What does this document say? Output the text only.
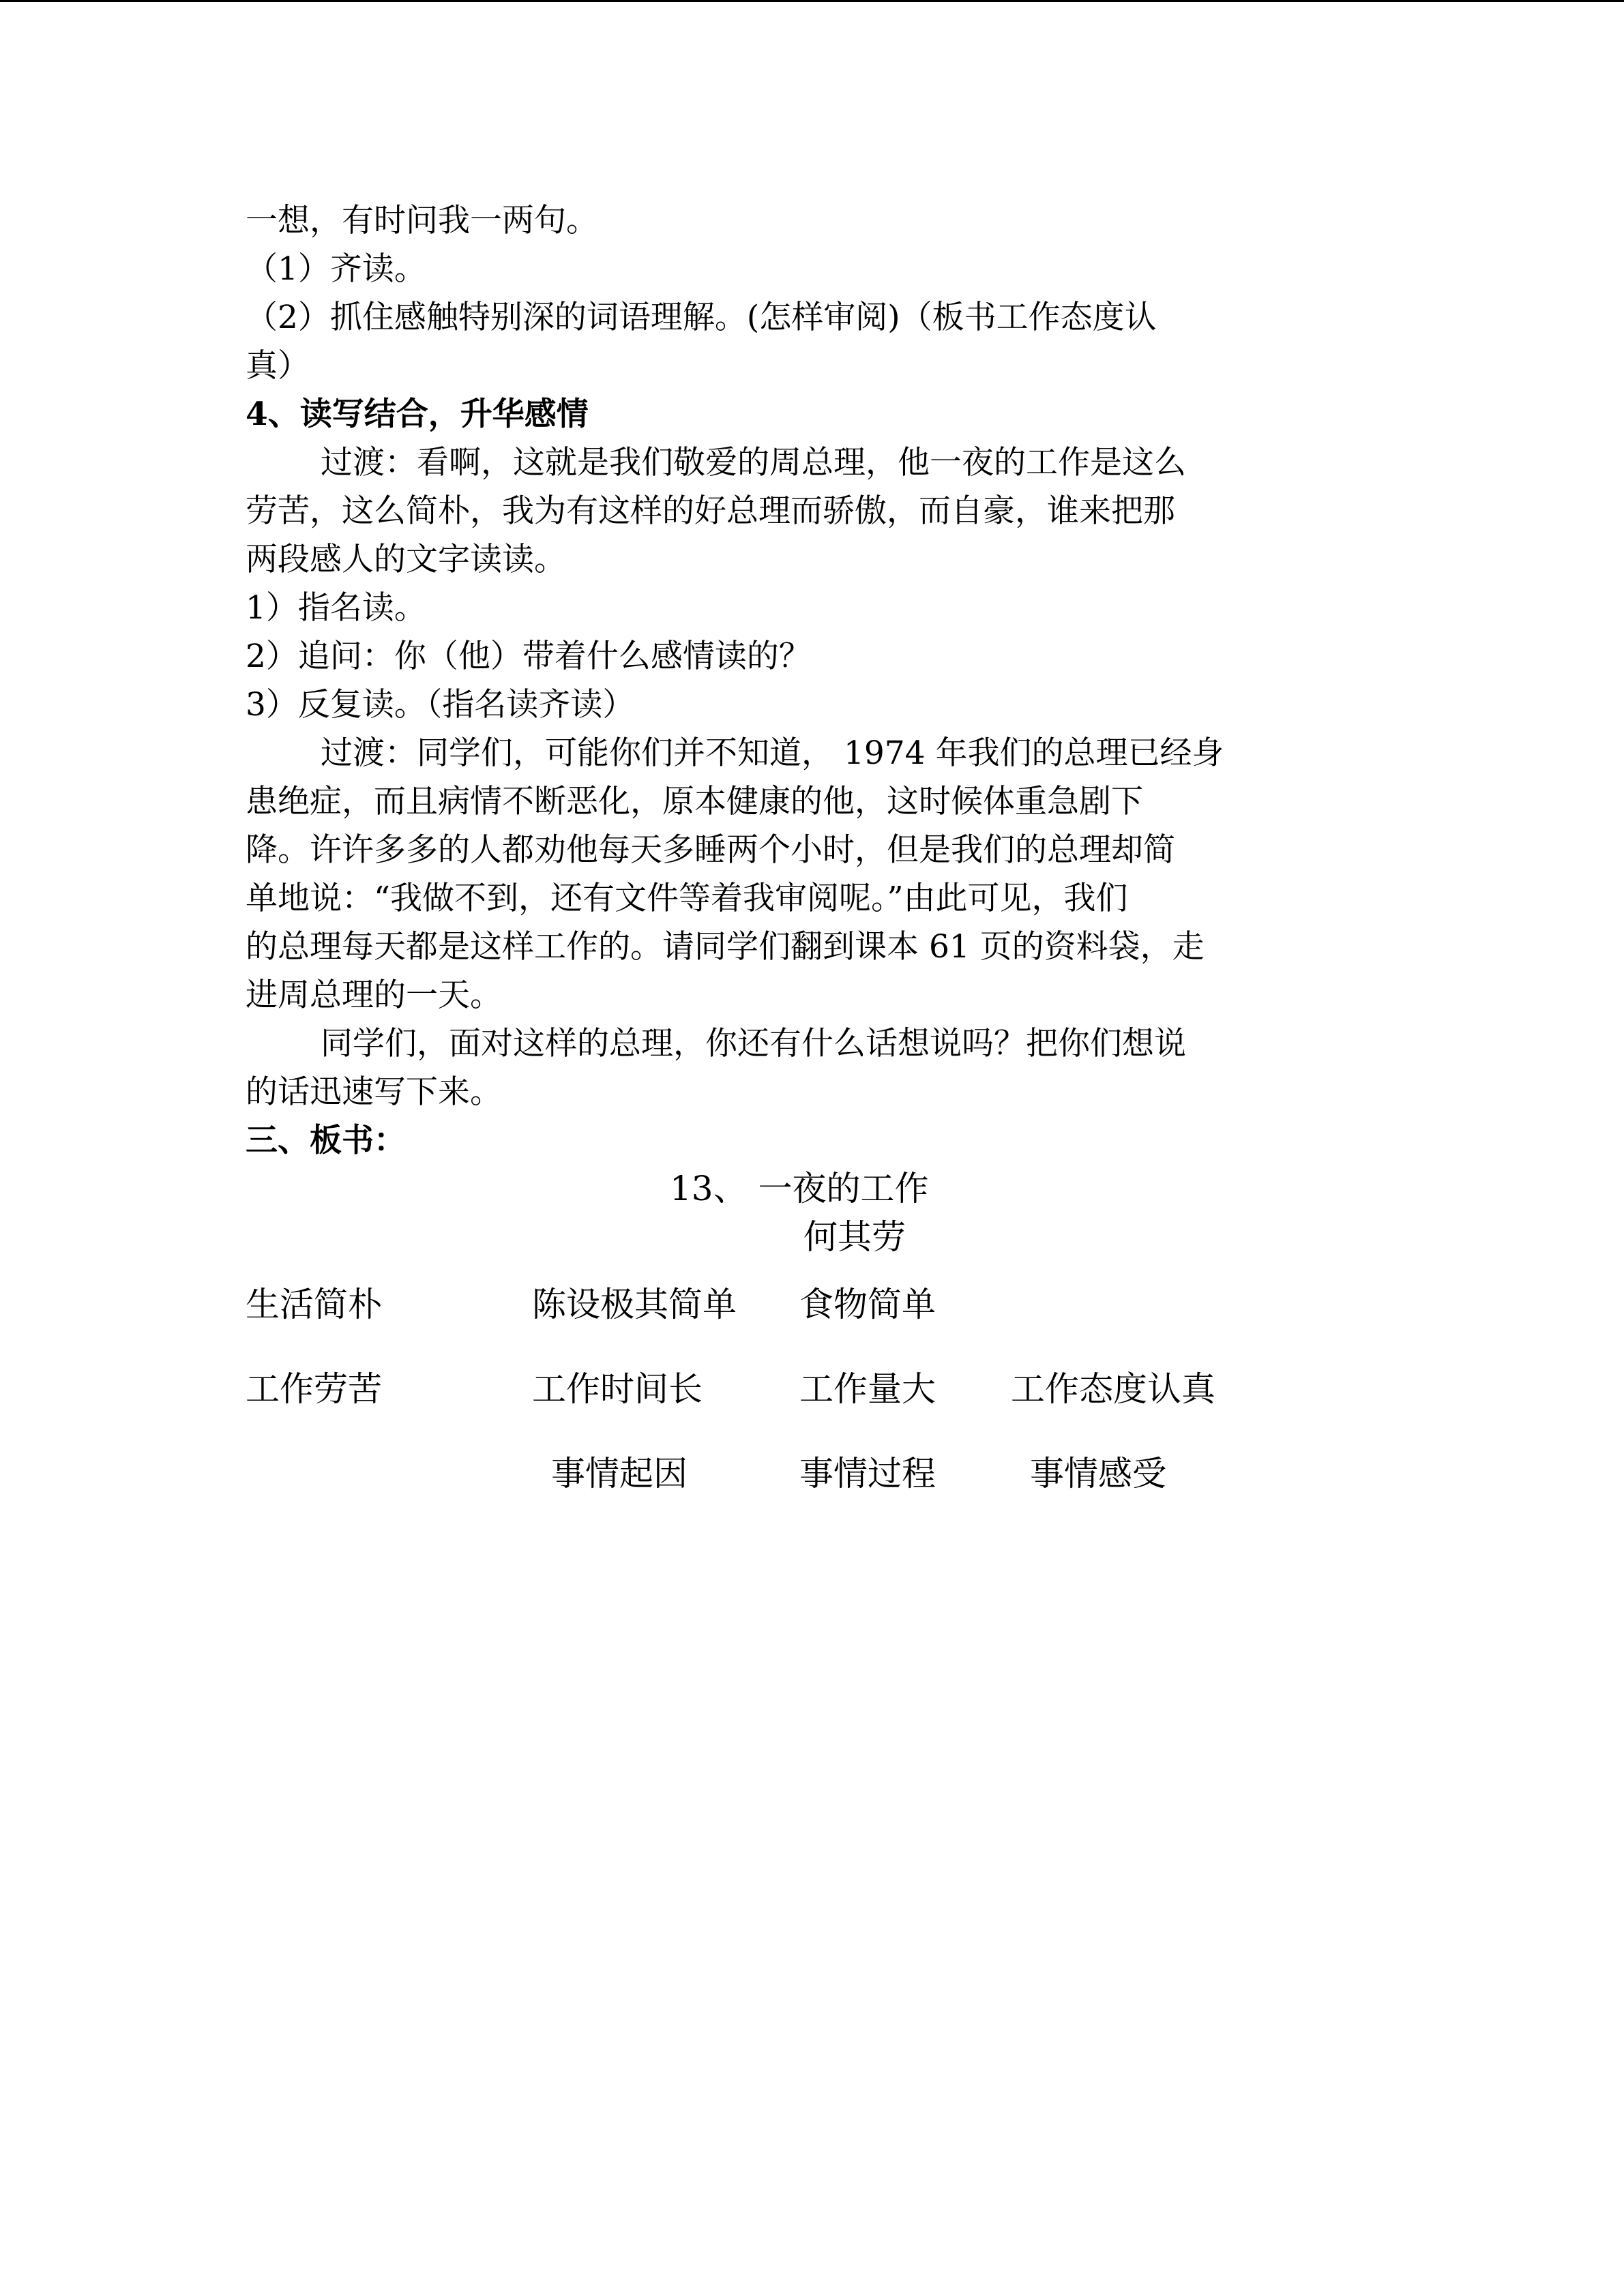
一想，有时问我一两句。
（1）齐读。
（2）抓住感触特别深的词语理解。(怎样审阅)（板书工作态度认
真）
4、读写结合，升华感情
过渡：看啊，这就是我们敬爱的周总理，他一夜的工作是这么
劳苦，这么简朴，我为有这样的好总理而骄傲，而自豪，谁来把那
两段感人的文字读读。
1）指名读。
2）追问：你（他）带着什么感情读的？
3）反复读。（指名读齐读）
过渡：同学们，可能你们并不知道， 1974 年我们的总理已经身
患绝症，而且病情不断恶化，原本健康的他，这时候体重急剧下
降。许许多多的人都劝他每天多睡两个小时，但是我们的总理却简
单地说：“我做不到，还有文件等着我审阅呢。”由此可见，我们
的总理每天都是这样工作的。请同学们翻到课本 61 页的资料袋，走
进周总理的一天。
同学们，面对这样的总理，你还有什么话想说吗？把你们想说
的话迅速写下来。
三、板书：
13、 一夜的工作
何其劳
生活简朴	陈设极其简单 食物简单
工作劳苦	工作时间长	工作量大 工作态度认真
事情起因	事情过程	事情感受
